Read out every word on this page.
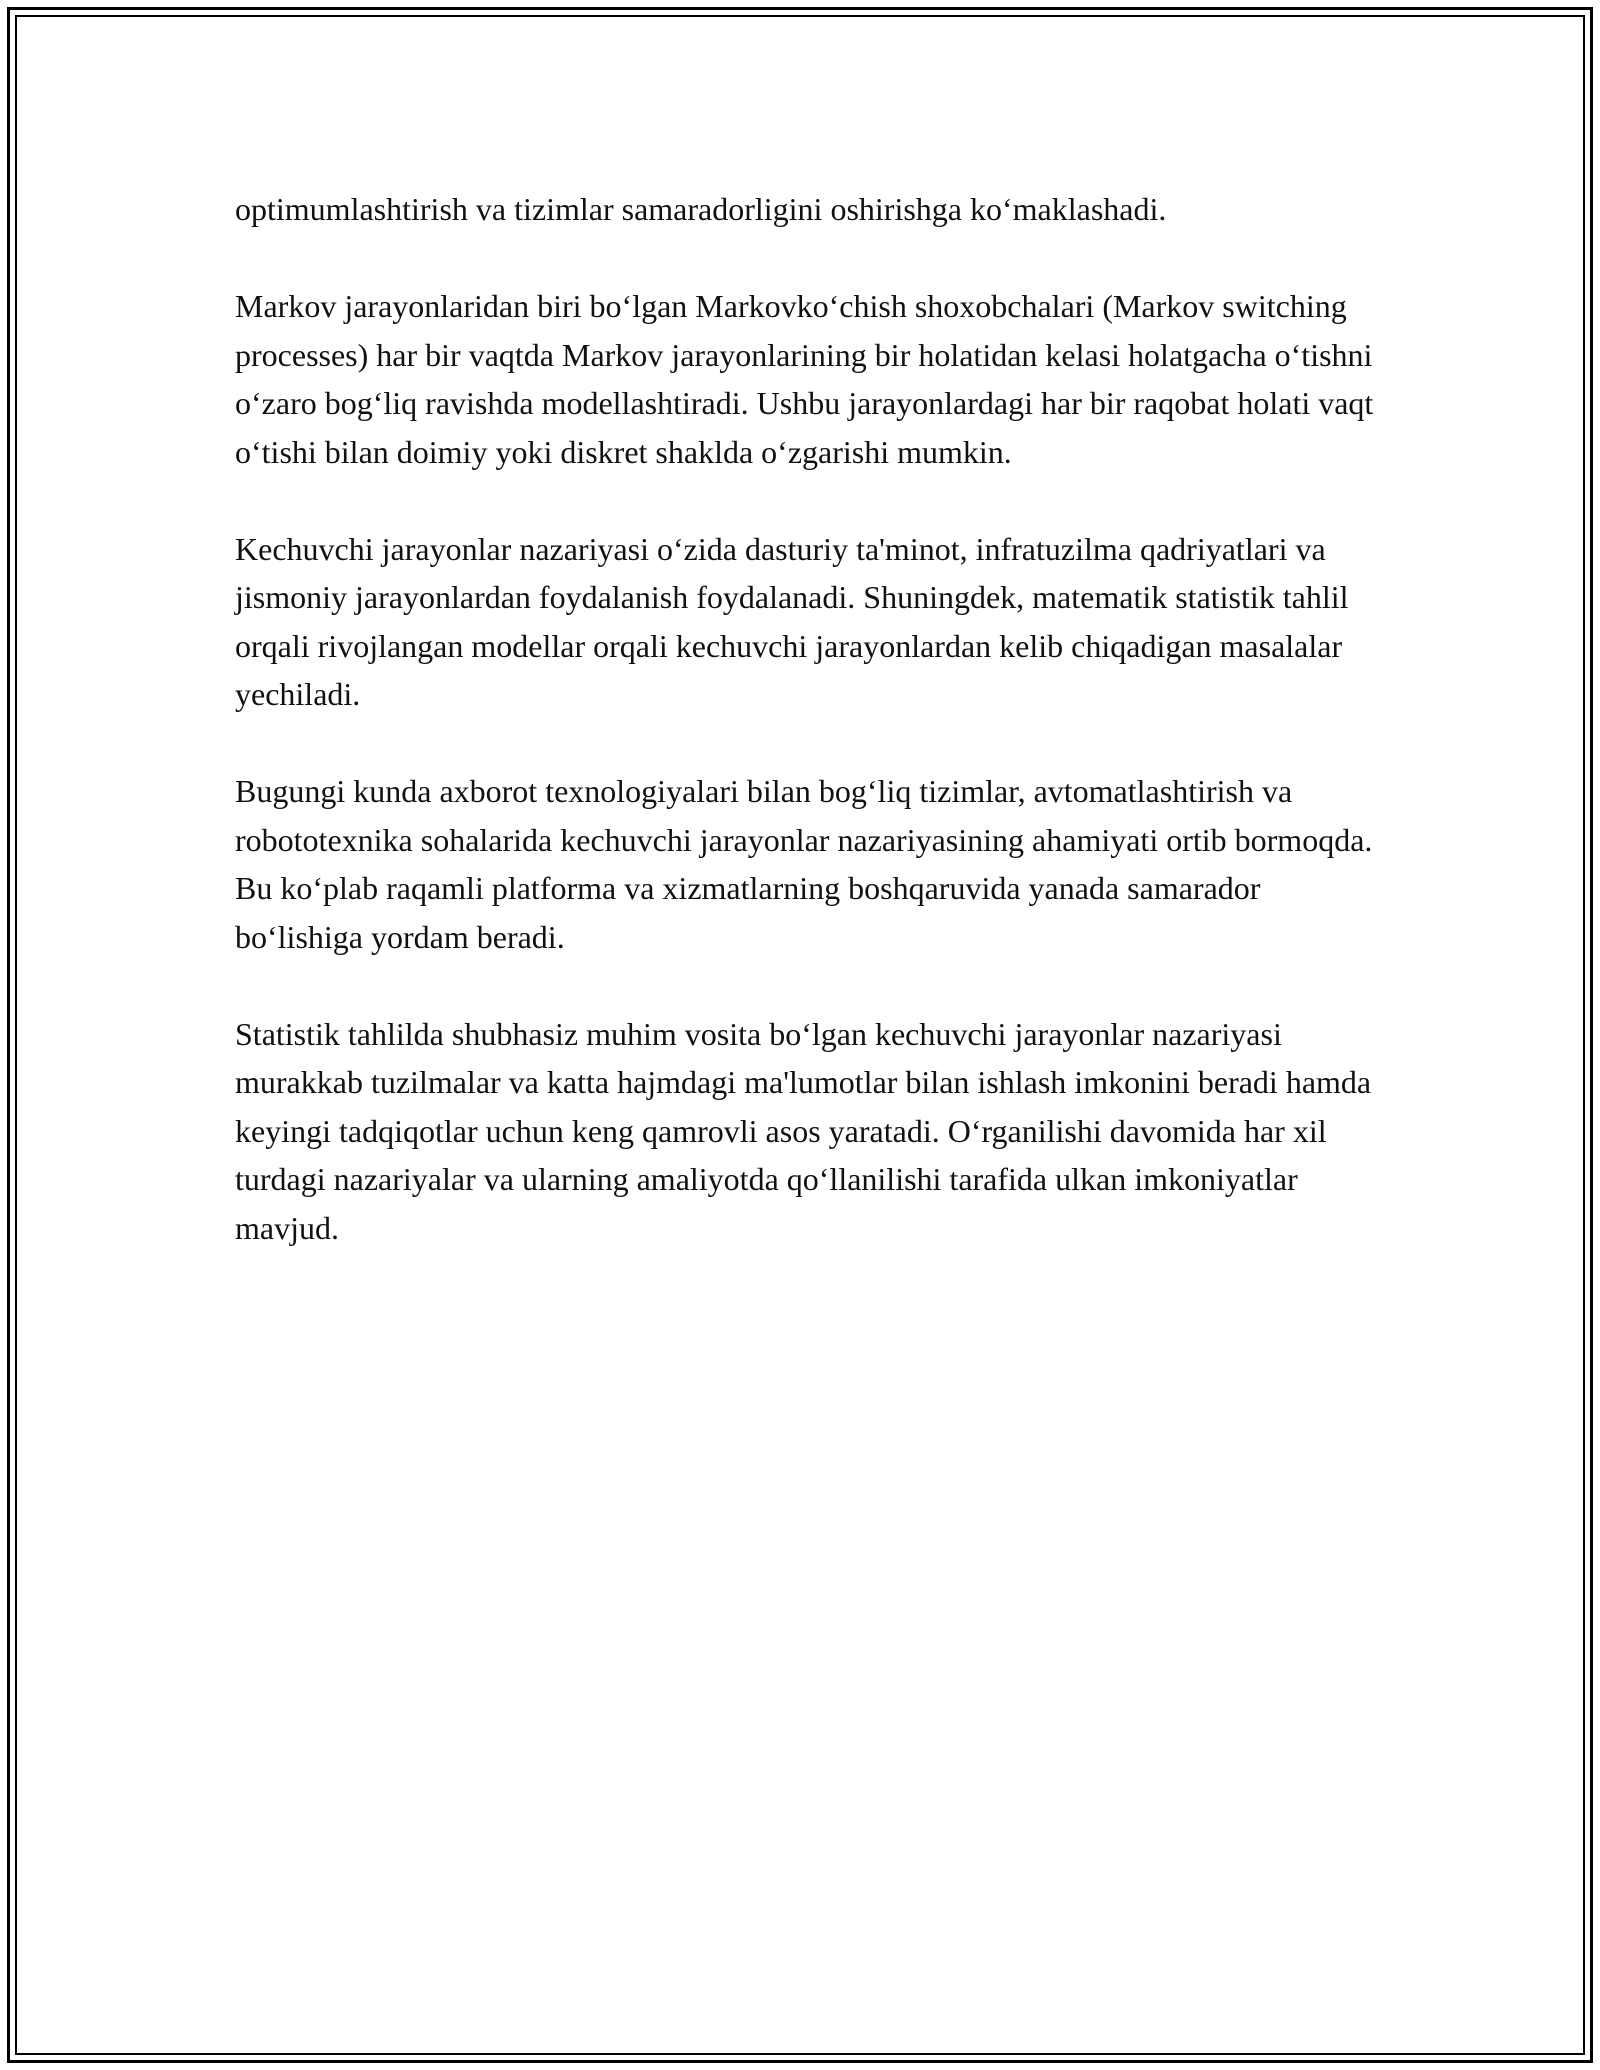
optimumlashtirish va tizimlar samaradorligini oshirishga ko‘maklashadi.

Markov jarayonlaridan biri bo‘lgan Markovko‘chish shoxobchalari (Markov switching processes) har bir vaqtda Markov jarayonlarining bir holatidan kelasi holatgacha o‘tishni o‘zaro bog‘liq ravishda modellashtiradi. Ushbu jarayonlardagi har bir raqobat holati vaqt o‘tishi bilan doimiy yoki diskret shaklda o‘zgarishi mumkin.

Kechuvchi jarayonlar nazariyasi o‘zida dasturiy ta'minot, infratuzilma qadriyatlari va jismoniy jarayonlardan foydalanish foydalanadi. Shuningdek, matematik statistik tahlil orqali rivojlangan modellar orqali kechuvchi jarayonlardan kelib chiqadigan masalalar yechiladi.

Bugungi kunda axborot texnologiyalari bilan bog‘liq tizimlar, avtomatlashtirish va robototexnika sohalarida kechuvchi jarayonlar nazariyasining ahamiyati ortib bormoqda. Bu ko‘plab raqamli platforma va xizmatlarning boshqaruvida yanada samarador bo‘lishiga yordam beradi.

Statistik tahlilda shubhasiz muhim vosita bo‘lgan kechuvchi jarayonlar nazariyasi murakkab tuzilmalar va katta hajmdagi ma'lumotlar bilan ishlash imkonini beradi hamda keyingi tadqiqotlar uchun keng qamrovli asos yaratadi. O‘rganilishi davomida har xil turdagi nazariyalar va ularning amaliyotda qo‘llanilishi tarafida ulkan imkoniyatlar mavjud.
